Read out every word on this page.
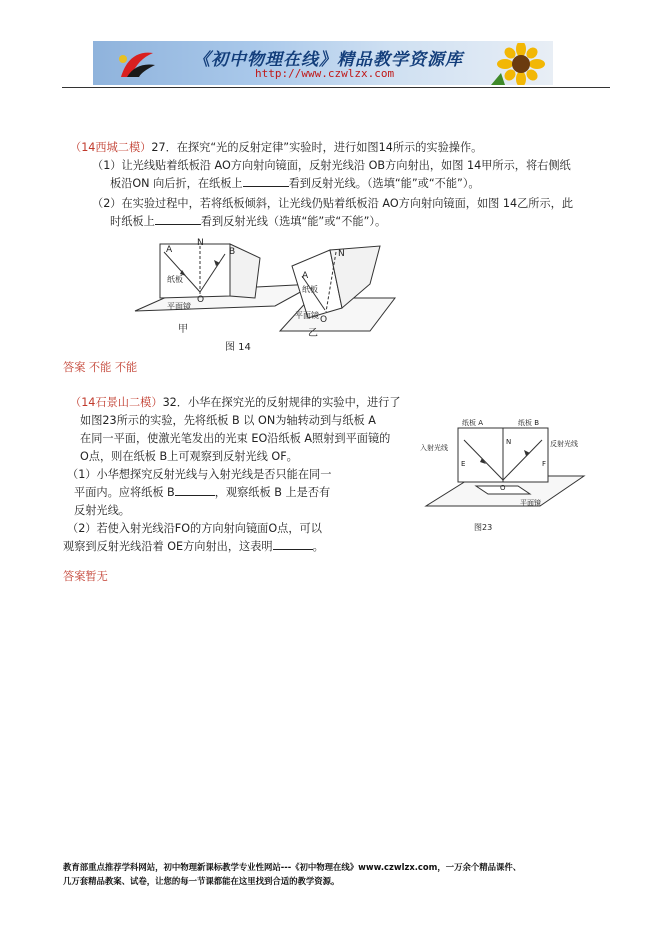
《初中物理在线》精品教学资源库
http://www.czwlzx.com
（14西城二模）27．在探究“光的反射定律”实验时，进行如图14所示的实验操作。
（1）让光线贴着纸板沿 AO方向射向镜面，反射光线沿 OB方向射出，如图 14甲所示，将右侧纸
板沿ON 向后折，在纸板上	看到反射光线。（选填“能”或“不能”）。
（2）在实验过程中，若将纸板倾斜，让光线仍贴着纸板沿 AO方向射向镜面，如图 14乙所示，此
时纸板上	看到反射光线（选填“能”或“不能”）。
A
N
B
O
纸板
平面镜
甲
A
N
O
纸板
平面镜
乙
图 14
答案 不能 不能
（14石景山二模）32．小华在探究光的反射规律的实验中，进行了
如图23所示的实验，先将纸板 B 以 ON为轴转动到与纸板 A
在同一平面，使激光笔发出的光束 EO沿纸板 A照射到平面镜的
O点，则在纸板 B上可观察到反射光线 OF。
（1）小华想探究反射光线与入射光线是否只能在同一
平面内。应将纸板 B	，观察纸板 B 上是否有
反射光线。
（2）若使入射光线沿FO的方向射向镜面O点，可以
观察到反射光线沿着 OE方向射出，这表明	。
纸板 A	纸板 B
入射光线	反射光线
E	F
N
O
平面镜
图23
答案暂无
教育部重点推荐学科网站，初中物理新课标教学专业性网站---《初中物理在线》www.czwlzx.com，一万余个精品课件、
几万套精品教案、试卷，让您的每一节课都能在这里找到合适的教学资源。
